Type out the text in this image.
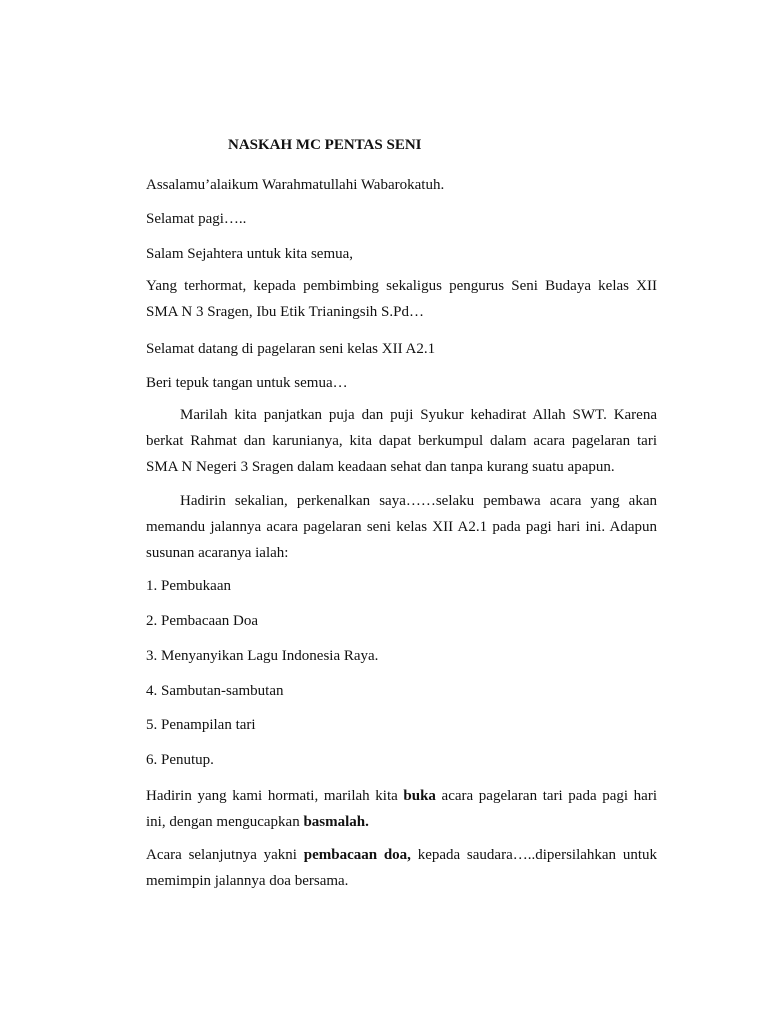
NASKAH MC PENTAS SENI

Assalamu’alaikum Warahmatullahi Wabarokatuh.

Selamat pagi…..

Salam Sejahtera untuk kita semua,

Yang terhormat, kepada pembimbing sekaligus pengurus Seni Budaya kelas XII SMA N 3 Sragen, Ibu Etik Trianingsih S.Pd…

Selamat datang di pagelaran seni kelas XII A2.1

Beri tepuk tangan untuk semua…

Marilah kita panjatkan puja dan puji Syukur kehadirat Allah SWT. Karena berkat Rahmat dan karunianya, kita dapat berkumpul dalam acara pagelaran tari SMA N Negeri 3 Sragen dalam keadaan sehat dan tanpa kurang suatu apapun.

Hadirin sekalian, perkenalkan saya……selaku pembawa acara yang akan memandu jalannya acara pagelaran seni kelas XII A2.1 pada pagi hari ini. Adapun susunan acaranya ialah:

1. Pembukaan

2. Pembacaan Doa

3. Menyanyikan Lagu Indonesia Raya.

4. Sambutan-sambutan

5. Penampilan tari

6. Penutup.

Hadirin yang kami hormati, marilah kita buka acara pagelaran tari pada pagi hari ini, dengan mengucapkan basmalah.

Acara selanjutnya yakni pembacaan doa, kepada saudara…..dipersilahkan untuk memimpin jalannya doa bersama.
